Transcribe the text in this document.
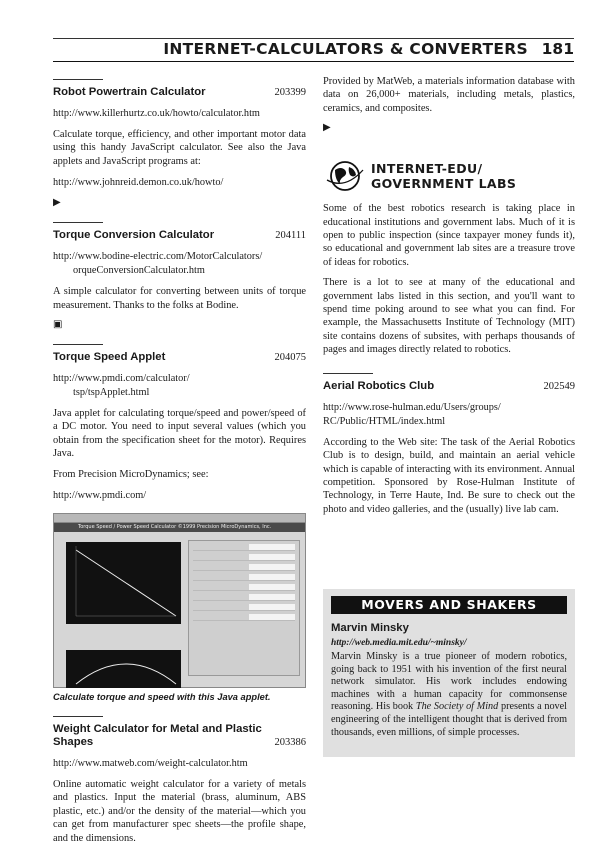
INTERNET-CALCULATORS & CONVERTERS 181
Robot Powertrain Calculator	203399
http://www.killerhurtz.co.uk/howto/calculator.htm

Calculate torque, efficiency, and other important motor data using this handy JavaScript calculator. See also the Java applets and JavaScript programs at:

http://www.johnreid.demon.co.uk/howto/
▶︎
Torque Conversion Calculator	204111
http://www.bodine-electric.com/MotorCalculators/
orqueConversionCalculator.htm

A simple calculator for converting between units of torque measurement. Thanks to the folks at Bodine.

▣
Torque Speed Applet	204075
http://www.pmdi.com/calculator/
tsp/tspApplet.html

Java applet for calculating torque/speed and power/speed of a DC motor. You need to input several values (which you obtain from the specification sheet for the motor). Requires Java.

From Precision MicroDynamics; see:

http://www.pmdi.com/
Torque Speed / Power Speed Calculator ©1999 Precision MicroDynamics, Inc.
Calculate torque and speed with this Java applet.
Weight Calculator for Metal and Plastic Shapes	203386
http://www.matweb.com/weight-calculator.htm

Online automatic weight calculator for a variety of metals and plastics. Input the material (brass, aluminum, ABS plastic, etc.) and/or the density of the material—which you can get from manufacturer spec sheets—the profile shape, and the dimensions.

Provided by MatWeb, a materials information database with data on 26,000+ materials, including metals, plastics, ceramics, and composites.

▶︎
INTERNET-EDU/
GOVERNMENT LABS

Some of the best robotics research is taking place in educational institutions and government labs. Much of it is open to public inspection (since taxpayer money funds it), so educational and government lab sites are a treasure trove of ideas for robotics.

There is a lot to see at many of the educational and government labs listed in this section, and you'll want to spend time poking around to see what you can find. For example, the Massachusetts Institute of Technology (MIT) site contains dozens of subsites, with perhaps thousands of pages and images directly related to robotics.

Aerial Robotics Club	202549
http://www.rose-hulman.edu/Users/groups/
RC/Public/HTML/index.html

According to the Web site: The task of the Aerial Robotics Club is to design, build, and maintain an aerial vehicle which is capable of interacting with its environment. Annual competition. Sponsored by Rose-Hulman Institute of Technology, in Terre Haute, Ind. Be sure to check out the photo and video galleries, and the (usually) live lab cam.

MOVERS AND SHAKERS
Marvin Minsky
http://web.media.mit.edu/~minsky/

Marvin Minsky is a true pioneer of modern robotics, going back to 1951 with his invention of the first neural network simulator. His work includes endowing machines with a human capacity for commonsense reasoning. His book The Society of Mind presents a novel engineering of the intelligent thought that is derived from thousands, even millions, of simple processes.
